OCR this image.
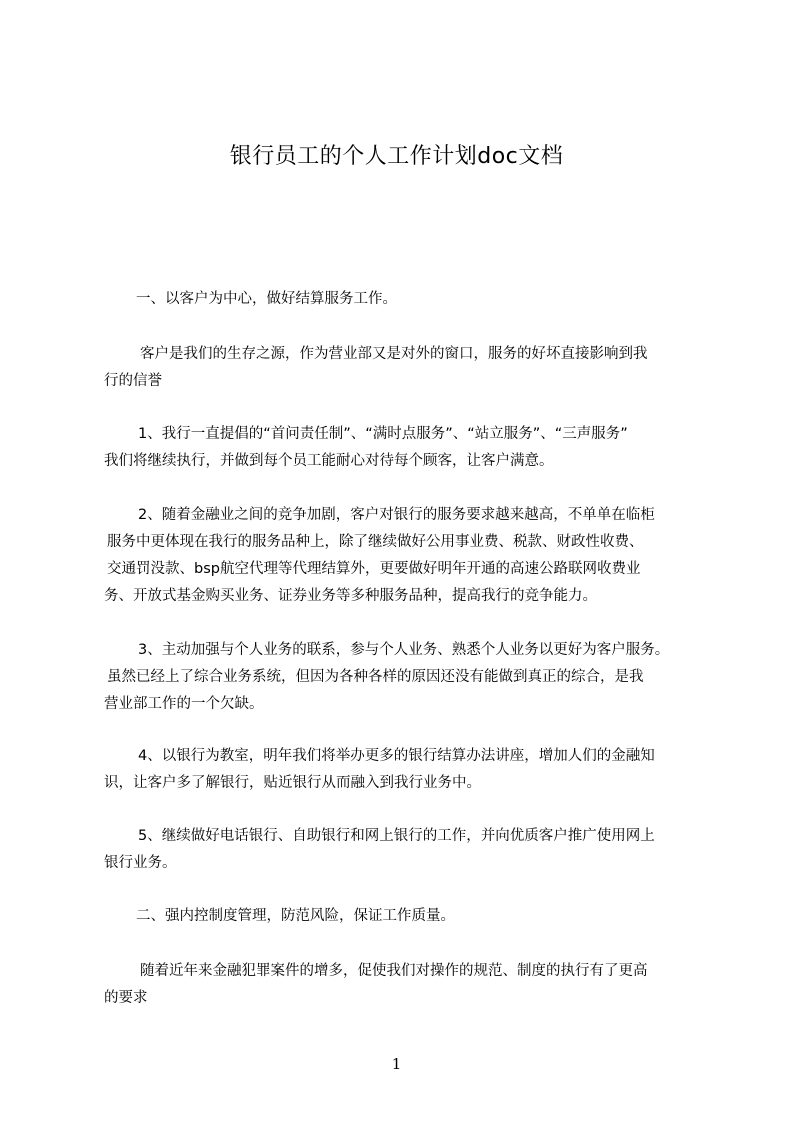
银行员工的个人工作计划doc文档
一、以客户为中心，做好结算服务工作。
客户是我们的生存之源，作为营业部又是对外的窗口，服务的好坏直接影响到我
行的信誉
1、我行一直提倡的“首问责任制”、“满时点服务”、“站立服务”、“三声服务”
我们将继续执行，并做到每个员工能耐心对待每个顾客，让客户满意。
2、随着金融业之间的竞争加剧，客户对银行的服务要求越来越高，不单单在临柜
服务中更体现在我行的服务品种上，除了继续做好公用事业费、税款、财政性收费、
交通罚没款、bsp航空代理等代理结算外，更要做好明年开通的高速公路联网收费业
务、开放式基金购买业务、证券业务等多种服务品种，提高我行的竞争能力。
3、主动加强与个人业务的联系，参与个人业务、熟悉个人业务以更好为客户服务。
虽然已经上了综合业务系统，但因为各种各样的原因还没有能做到真正的综合，是我
营业部工作的一个欠缺。
4、以银行为教室，明年我们将举办更多的银行结算办法讲座，增加人们的金融知
识，让客户多了解银行，贴近银行从而融入到我行业务中。
5、继续做好电话银行、自助银行和网上银行的工作，并向优质客户推广使用网上
银行业务。
二、强内控制度管理，防范风险，保证工作质量。
随着近年来金融犯罪案件的增多，促使我们对操作的规范、制度的执行有了更高
的要求
1
